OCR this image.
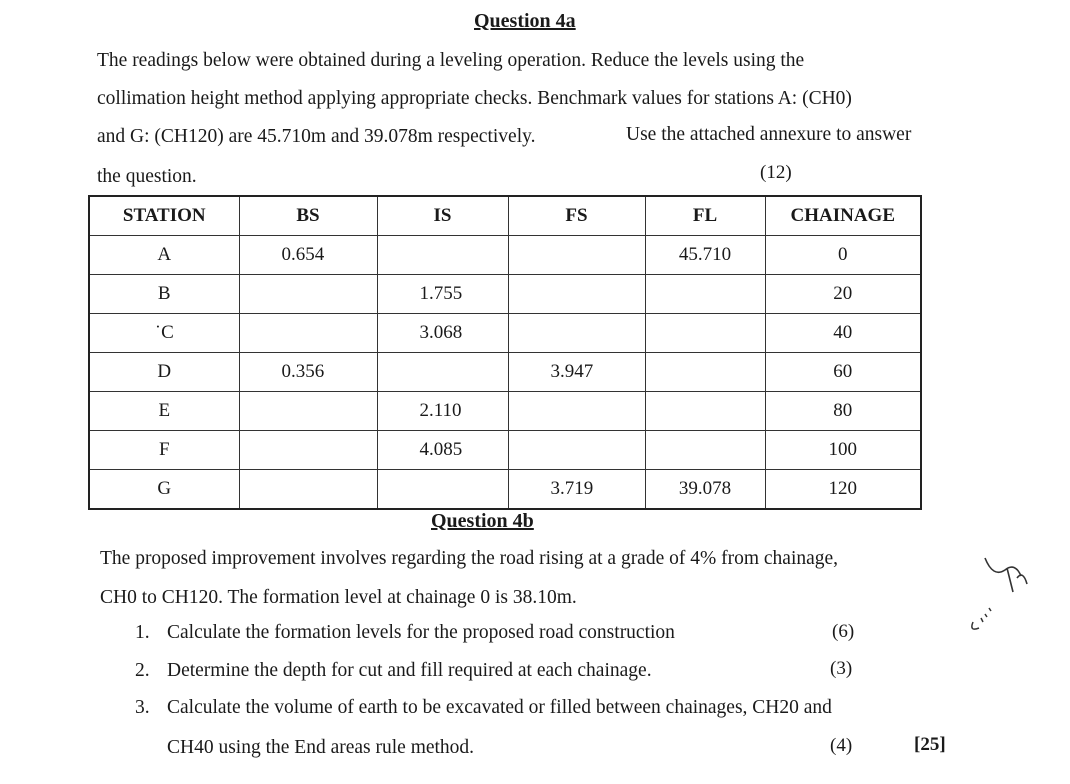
Question 4a
The readings below were obtained during a leveling operation. Reduce the levels using the
collimation height method applying appropriate checks. Benchmark values for stations A: (CH0)
and G: (CH120) are 45.710m and 39.078m respectively.	Use the attached annexure to answer
the question.	(12)
STATION	BS	IS	FS	FL	CHAINAGE
A	0.654			45.710	0
B		1.755			20
˙C		3.068			40
D	0.356		3.947		60
E		2.110			80
F		4.085			100
G			3.719	39.078	120
Question 4b
The proposed improvement involves regarding the road rising at a grade of 4% from chainage,
CH0 to CH120. The formation level at chainage 0 is 38.10m.
1. Calculate the formation levels for the proposed road construction	(6)
2. Determine the depth for cut and fill required at each chainage.	(3)
3. Calculate the volume of earth to be excavated or filled between chainages, CH20 and
CH40 using the End areas rule method.	(4)	[25]
